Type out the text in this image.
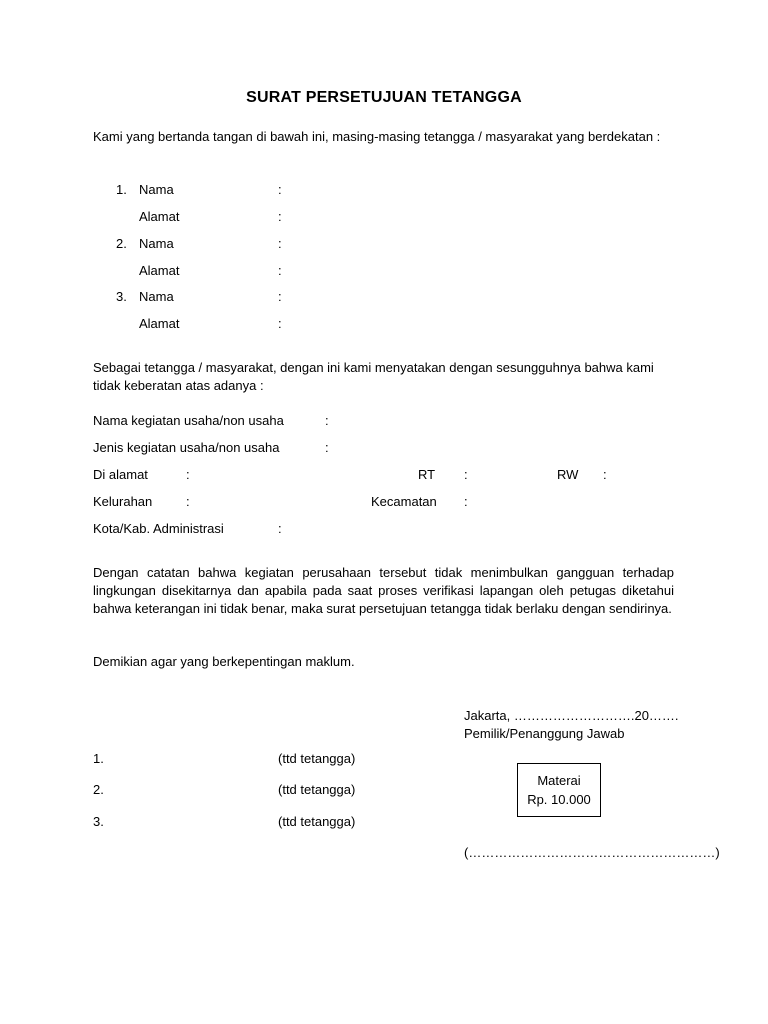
SURAT PERSETUJUAN TETANGGA
Kami yang bertanda tangan di bawah ini, masing-masing tetangga / masyarakat yang berdekatan :
1. Nama	:
Alamat	:
2. Nama	:
Alamat	:
3. Nama	:
Alamat	:
Sebagai tetangga / masyarakat, dengan ini kami menyatakan dengan sesungguhnya bahwa kami tidak keberatan atas adanya :
Nama kegiatan usaha/non usaha	:
Jenis kegiatan usaha/non usaha	:
Di alamat	:	RT :	RW :
Kelurahan	:	Kecamatan :
Kota/Kab. Administrasi	:
Dengan catatan bahwa kegiatan perusahaan tersebut tidak menimbulkan gangguan terhadap lingkungan disekitarnya dan apabila pada saat proses verifikasi lapangan oleh petugas diketahui bahwa keterangan ini tidak benar, maka surat persetujuan tetangga tidak berlaku dengan sendirinya.
Demikian agar yang berkepentingan maklum.
Jakarta, ……………………….20…….
Pemilik/Penanggung Jawab
1.	(ttd tetangga)
2.	(ttd tetangga)
3.	(ttd tetangga)
Materai
Rp. 10.000
(…………………………………………………)
